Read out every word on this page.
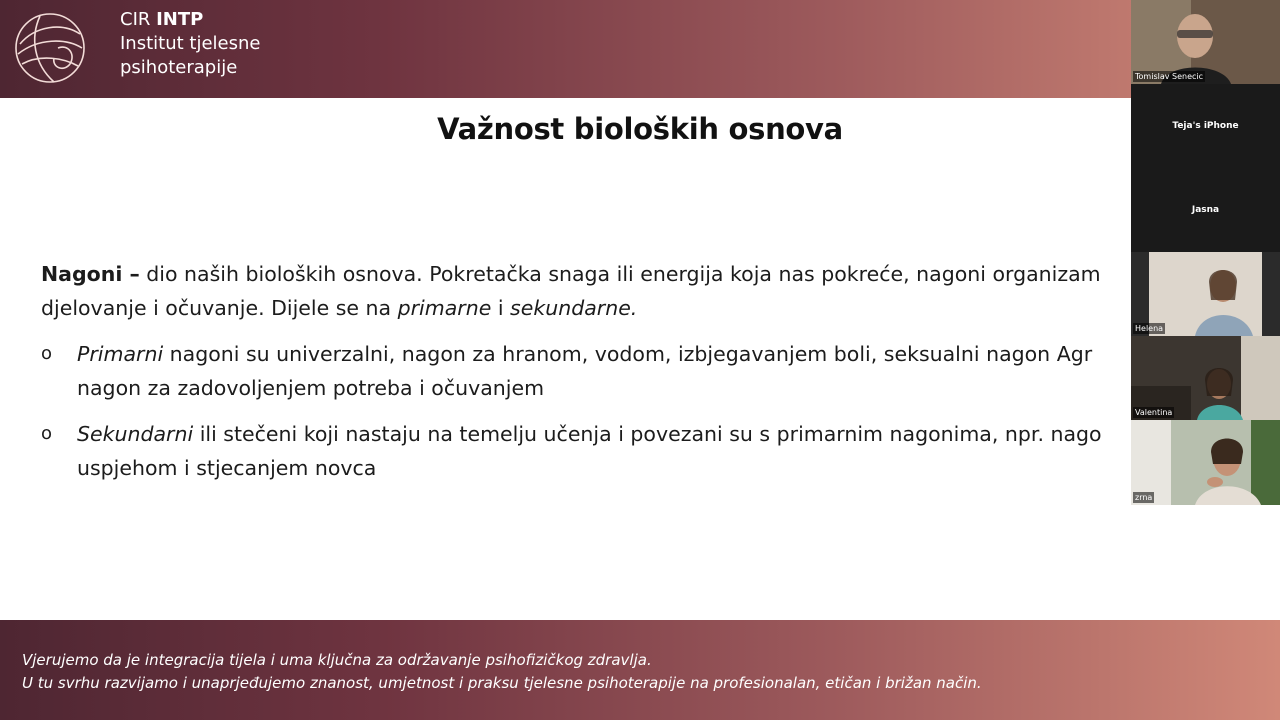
CIR INTP
Institut tjelesne psihoterapije
Važnost bioloških osnova
Nagoni – dio naših bioloških osnova. Pokretačka snaga ili energija koja nas pokreće, nagoni organizam
djelovanje i očuvanje. Dijele se na primarne i sekundarne.
o Primarni nagoni su univerzalni, nagon za hranom, vodom, izbjegavanjem boli, seksualni nagon Agr
nagon za zadovoljenjem potreba i očuvanjem
o Sekundarni ili stečeni koji nastaju na temelju učenja i povezani su s primarnim nagonima, npr. nago
uspjehom i stjecanjem novca
Vjerujemo da je integracija tijela i uma ključna za održavanje psihofizičkog zdravlja.
U tu svrhu razvijamo i unaprjeđujemo znanost, umjetnost i praksu tjelesne psihoterapije na profesionalan, etičan i brižan način.
Tomislav Senecic
Teja's iPhone
Jasna
Helena
Valentina
zrna
